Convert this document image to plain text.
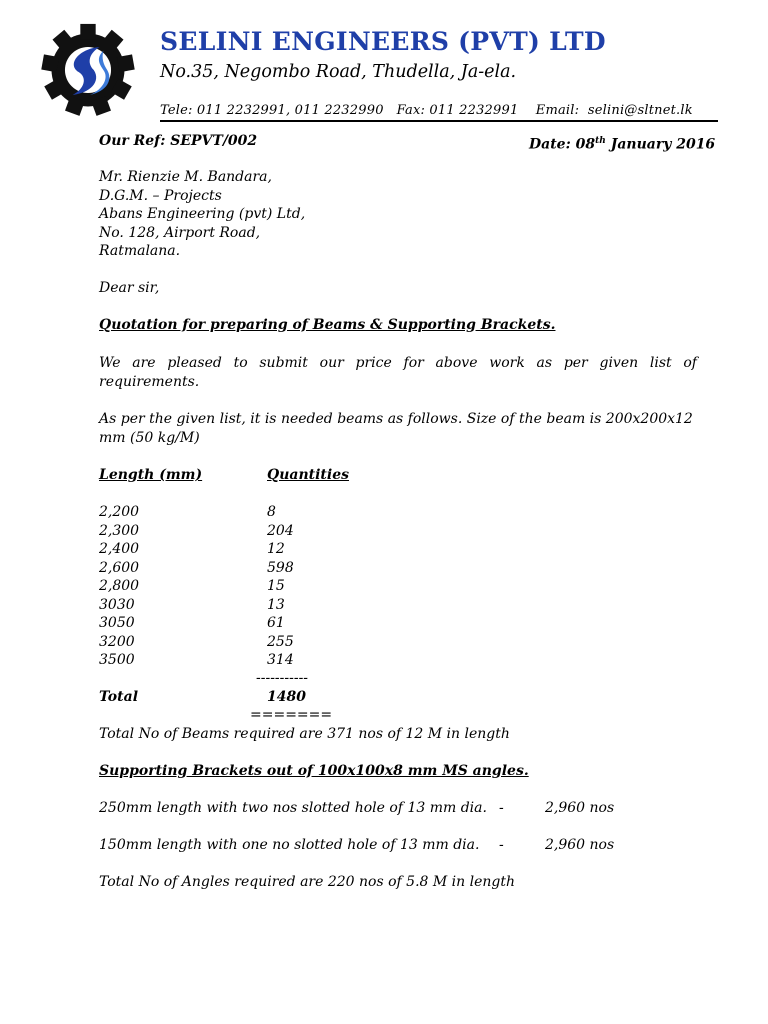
SELINI ENGINEERS (PVT) LTD
No.35, Negombo Road, Thudella, Ja-ela.
Tele: 011 2232991, 011 2232990   Fax: 011 2232991    Email:  selini@sltnet.lk
Our Ref: SEPVT/002	Date: 08th January 2016
Mr. Rienzie M. Bandara,
D.G.M. – Projects
Abans Engineering (pvt) Ltd,
No. 128, Airport Road,
Ratmalana.
Dear sir,
Quotation for preparing of Beams & Supporting Brackets.
We are pleased to submit our price for above work as per given list of requirements.
As per the given list, it is needed beams as follows. Size of the beam is 200x200x12 mm (50 kg/M)
Length (mm)	Quantities
2,200	8
2,300	204
2,400	12
2,600	598
2,800	15
3030	13
3050	61
3200	255
3500	314
-----------
Total	1480
=======
Total No of Beams required are 371 nos of 12 M in length
Supporting Brackets out of 100x100x8 mm MS angles.
250mm length with two nos slotted hole of 13 mm dia. -	2,960 nos
150mm length with one no slotted hole of 13 mm dia. -	2,960 nos
Total No of Angles required are 220 nos of 5.8 M in length
